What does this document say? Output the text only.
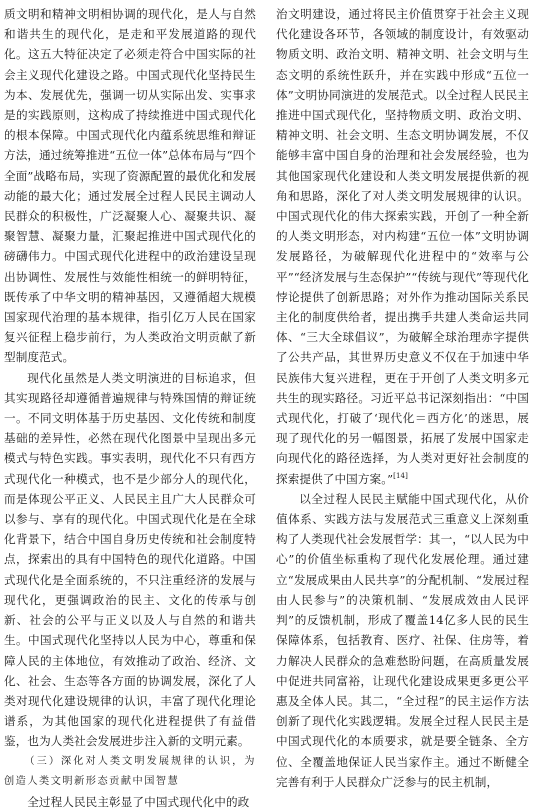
质文明和精神文明相协调的现代化，是人与自然和谐共生的现代化，是走和平发展道路的现代化。这五大特征决定了必须走符合中国实际的社会主义现代化建设之路。中国式现代化坚持民生为本、发展优先，强调一切从实际出发、实事求是的实践原则，这构成了持续推进中国式现代化的根本保障。中国式现代化内蕴系统思维和辩证方法，通过统筹推进“五位一体”总体布局与“四个全面”战略布局，实现了资源配置的最优化和发展动能的最大化；通过发展全过程人民民主调动人民群众的积极性，广泛凝聚人心、凝聚共识、凝聚智慧、凝聚力量，汇聚起推进中国式现代化的磅礴伟力。中国式现代化进程中的政治建设呈现出协调性、发展性与效能性相统一的鲜明特征，既传承了中华文明的精神基因，又遵循超大规模国家现代治理的基本规律，指引亿万人民在国家复兴征程上稳步前行，为人类政治文明贡献了新型制度范式。

现代化虽然是人类文明演进的目标追求，但其实现路径却遵循普遍规律与特殊国情的辩证统一。不同文明体基于历史基因、文化传统和制度基础的差异性，必然在现代化图景中呈现出多元模式与特色实践。事实表明，现代化不只有西方式现代化一种模式，也不是少部分人的现代化，而是体现公平正义、人民民主且广大人民群众可以参与、享有的现代化。中国式现代化是在全球化背景下，结合中国自身历史传统和社会制度特点，探索出的具有中国特色的现代化道路。中国式现代化是全面系统的，不只注重经济的发展与现代化，更强调政治的民主、文化的传承与创新、社会的公平与正义以及人与自然的和谐共生。中国式现代化坚持以人民为中心，尊重和保障人民的主体地位，有效推动了政治、经济、文化、社会、生态等各方面的协调发展，深化了人类对现代化建设规律的认识，丰富了现代化理论谱系，为其他国家的现代化进程提供了有益借鉴，也为人类社会发展进步注入新的文明元素。

（三）深化对人类文明发展规律的认识，为创造人类文明新形态贡献中国智慧

全过程人民民主彰显了中国式现代化中的政

治文明建设，通过将民主价值贯穿于社会主义现代化建设各环节，各领域的制度设计，有效驱动物质文明、政治文明、精神文明、社会文明与生态文明的系统性跃升，并在实践中形成“五位一体”文明协同演进的发展范式。以全过程人民民主推进中国式现代化，坚持物质文明、政治文明、精神文明、社会文明、生态文明协调发展，不仅能够丰富中国自身的治理和社会发展经验，也为其他国家现代化建设和人类文明发展提供新的视角和思路，深化了对人类文明发展规律的认识。中国式现代化的伟大探索实践，开创了一种全新的人类文明形态，对内构建“五位一体”文明协调发展路径，为破解现代化进程中的“效率与公平”“经济发展与生态保护”“传统与现代”等现代化悖论提供了创新思路；对外作为推动国际关系民主化的制度供给者，提出携手共建人类命运共同体、“三大全球倡议”，为破解全球治理赤字提供了公共产品，其世界历史意义不仅在于加速中华民族伟大复兴进程，更在于开创了人类文明多元共生的现实路径。习近平总书记深刻指出：“中国式现代化，打破了‘现代化＝西方化’的迷思，展现了现代化的另一幅图景，拓展了发展中国家走向现代化的路径选择，为人类对更好社会制度的探索提供了中国方案。”[14]

以全过程人民民主赋能中国式现代化，从价值体系、实践方法与发展范式三重意义上深刻重构了人类现代社会发展哲学：其一，“以人民为中心”的价值坐标重构了现代化发展伦理。通过建立“发展成果由人民共享”的分配机制、“发展过程由人民参与”的决策机制、“发展成效由人民评判”的反馈机制，形成了覆盖14亿多人民的民生保障体系，包括教育、医疗、社保、住房等，着力解决人民群众的急难愁盼问题，在高质量发展中促进共同富裕，让现代化建设成果更多更公平惠及全体人民。其二，“全过程”的民主运作方法创新了现代化实践逻辑。发展全过程人民民主是中国式现代化的本质要求，就是要全链条、全方位、全覆盖地保证人民当家作主。通过不断健全完善有利于人民群众广泛参与的民主机制，
